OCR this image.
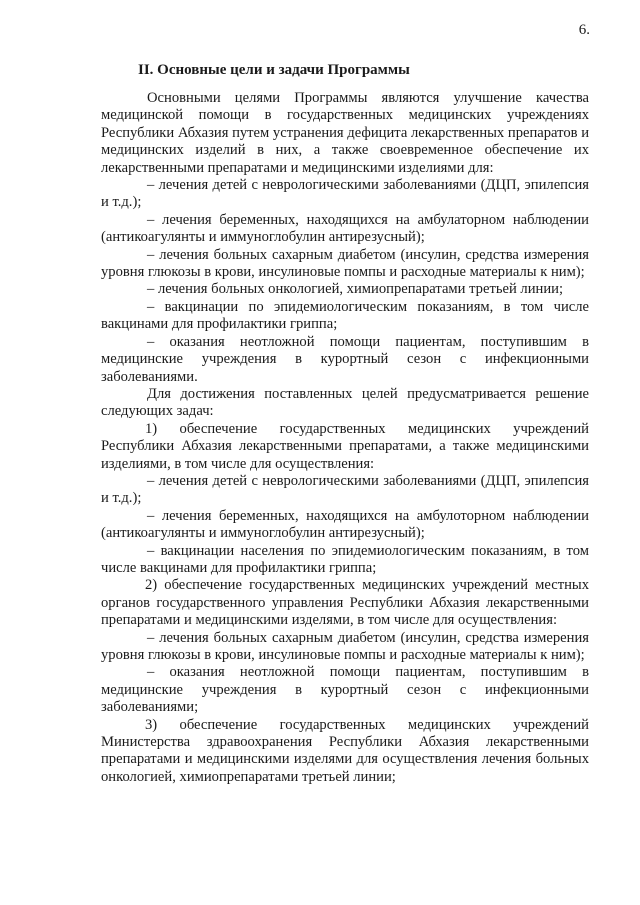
6.
II. Основные цели и задачи Программы

Основными целями Программы являются улучшение качества медицинской помощи в государственных медицинских учреждениях Республики Абхазия путем устранения дефицита лекарственных препаратов и медицинских изделий в них, а также своевременное обеспечение их лекарственными препаратами и медицинскими изделиями для:

– лечения детей с неврологическими заболеваниями (ДЦП, эпилепсия и т.д.);

– лечения беременных, находящихся на амбулаторном наблюдении (антикоагулянты и иммуноглобулин антирезусный);

– лечения больных сахарным диабетом (инсулин, средства измерения уровня глюкозы в крови, инсулиновые помпы и расходные материалы к ним);

– лечения больных онкологией, химиопрепаратами третьей линии;

– вакцинации по эпидемиологическим показаниям, в том числе вакцинами для профилактики гриппа;

– оказания неотложной помощи пациентам, поступившим в медицинские учреждения в курортный сезон с инфекционными заболеваниями.

Для достижения поставленных целей предусматривается решение следующих задач:

1) обеспечение государственных медицинских учреждений Республики Абхазия лекарственными препаратами, а также медицинскими изделиями, в том числе для осуществления:

– лечения детей с неврологическими заболеваниями (ДЦП, эпилепсия и т.д.);

– лечения беременных, находящихся на амбулоторном наблюдении (антикоагулянты и иммуноглобулин антирезусный);

– вакцинации населения по эпидемиологическим показаниям, в том числе вакцинами для профилактики гриппа;

2) обеспечение государственных медицинских учреждений местных органов государственного управления Республики Абхазия лекарственными препаратами и медицинскими изделями, в том числе для осуществления:

– лечения больных сахарным диабетом (инсулин, средства измерения уровня глюкозы в крови, инсулиновые помпы и расходные материалы к ним);

– оказания неотложной помощи пациентам, поступившим в медицинские учреждения в курортный сезон с инфекционными заболеваниями;

3) обеспечение государственных медицинских учреждений Министерства здравоохранения Республики Абхазия лекарственными препаратами и медицинскими изделями для осуществления лечения больных онкологией, химиопрепаратами третьей линии;
